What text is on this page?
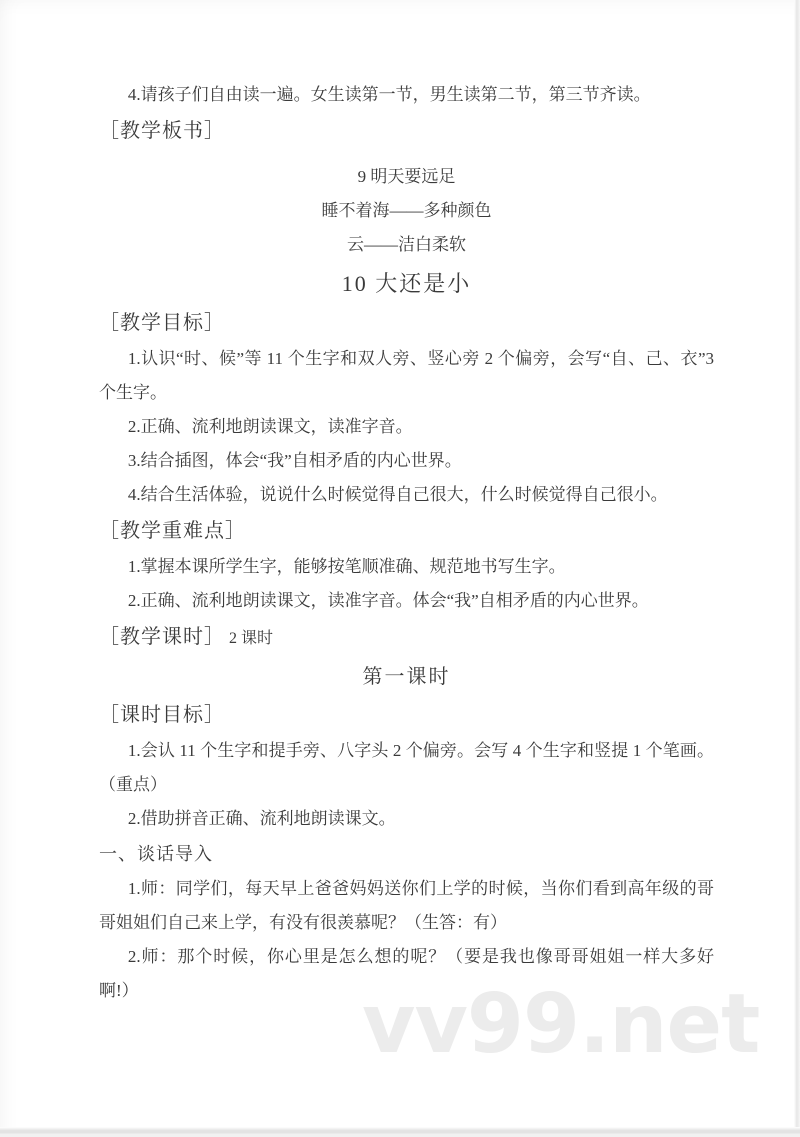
4.请孩子们自由读一遍。女生读第一节，男生读第二节，第三节齐读。

［教学板书］

9 明天要远足

睡不着海——多种颜色

云——洁白柔软

10 大还是小
［教学目标］

1.认识“时、候”等 11 个生字和双人旁、竖心旁 2 个偏旁，会写“自、己、衣”3 个生字。

2.正确、流利地朗读课文，读准字音。

3.结合插图，体会“我”自相矛盾的内心世界。

4.结合生活体验，说说什么时候觉得自己很大，什么时候觉得自己很小。

［教学重难点］

1.掌握本课所学生字，能够按笔顺准确、规范地书写生字。

2.正确、流利地朗读课文，读准字音。体会“我”自相矛盾的内心世界。

［教学课时］ 2 课时

第一课时
［课时目标］

1.会认 11 个生字和提手旁、八字头 2 个偏旁。会写 4 个生字和竖提 1 个笔画。（重点）

2.借助拼音正确、流利地朗读课文。

一、谈话导入

1.师：同学们，每天早上爸爸妈妈送你们上学的时候，当你们看到高年级的哥哥姐姐们自己来上学，有没有很羡慕呢？（生答：有）

2.师：那个时候，你心里是怎么想的呢？（要是我也像哥哥姐姐一样大多好啊!）	vv99.net
